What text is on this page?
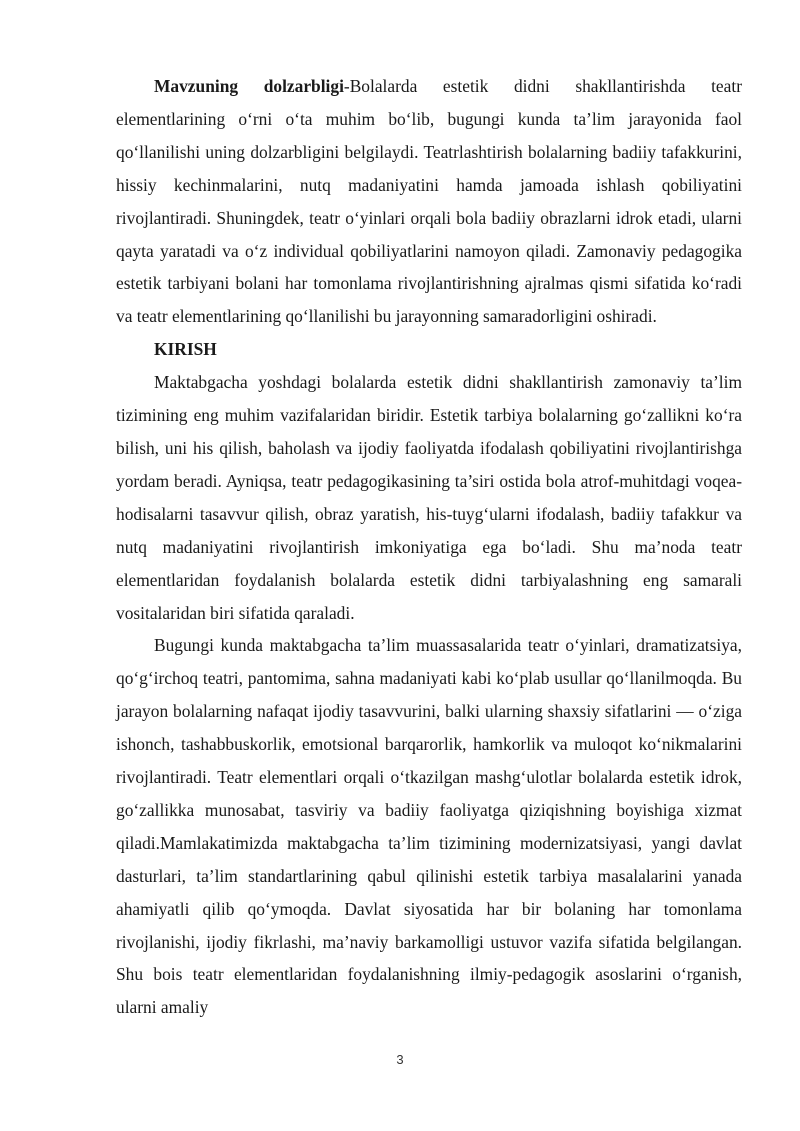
Mavzuning dolzarbligi-Bolalarda estetik didni shakllantirishda teatr elementlarining o‘rni o‘ta muhim bo‘lib, bugungi kunda ta’lim jarayonida faol qo‘llanilishi uning dolzarbligini belgilaydi. Teatrlashtirish bolalarning badiiy tafakkurini, hissiy kechinmalarini, nutq madaniyatini hamda jamoada ishlash qobiliyatini rivojlantiradi. Shuningdek, teatr o‘yinlari orqali bola badiiy obrazlarni idrok etadi, ularni qayta yaratadi va o‘z individual qobiliyatlarini namoyon qiladi. Zamonaviy pedagogika estetik tarbiyani bolani har tomonlama rivojlantirishning ajralmas qismi sifatida ko‘radi va teatr elementlarining qo‘llanilishi bu jarayonning samaradorligini oshiradi.

KIRISH

Maktabgacha yoshdagi bolalarda estetik didni shakllantirish zamonaviy ta’lim tizimining eng muhim vazifalaridan biridir. Estetik tarbiya bolalarning go‘zallikni ko‘ra bilish, uni his qilish, baholash va ijodiy faoliyatda ifodalash qobiliyatini rivojlantirishga yordam beradi. Ayniqsa, teatr pedagogikasining ta’siri ostida bola atrof-muhitdagi voqea-hodisalarni tasavvur qilish, obraz yaratish, his-tuyg‘ularni ifodalash, badiiy tafakkur va nutq madaniyatini rivojlantirish imkoniyatiga ega bo‘ladi. Shu ma’noda teatr elementlaridan foydalanish bolalarda estetik didni tarbiyalashning eng samarali vositalaridan biri sifatida qaraladi.

Bugungi kunda maktabgacha ta’lim muassasalarida teatr o‘yinlari, dramatizatsiya, qo‘g‘irchoq teatri, pantomima, sahna madaniyati kabi ko‘plab usullar qo‘llanilmoqda. Bu jarayon bolalarning nafaqat ijodiy tasavvurini, balki ularning shaxsiy sifatlarini — o‘ziga ishonch, tashabbuskorlik, emotsional barqarorlik, hamkorlik va muloqot ko‘nikmalarini rivojlantiradi. Teatr elementlari orqali o‘tkazilgan mashg‘ulotlar bolalarda estetik idrok, go‘zallikka munosabat, tasviriy va badiiy faoliyatga qiziqishning boyishiga xizmat qiladi.Mamlakatimizda maktabgacha ta’lim tizimining modernizatsiyasi, yangi davlat dasturlari, ta’lim standartlarining qabul qilinishi estetik tarbiya masalalarini yanada ahamiyatli qilib qo‘ymoqda. Davlat siyosatida har bir bolaning har tomonlama rivojlanishi, ijodiy fikrlashi, ma’naviy barkamolligi ustuvor vazifa sifatida belgilangan. Shu bois teatr elementlaridan foydalanishning ilmiy-pedagogik asoslarini o‘rganish, ularni amaliy

3
